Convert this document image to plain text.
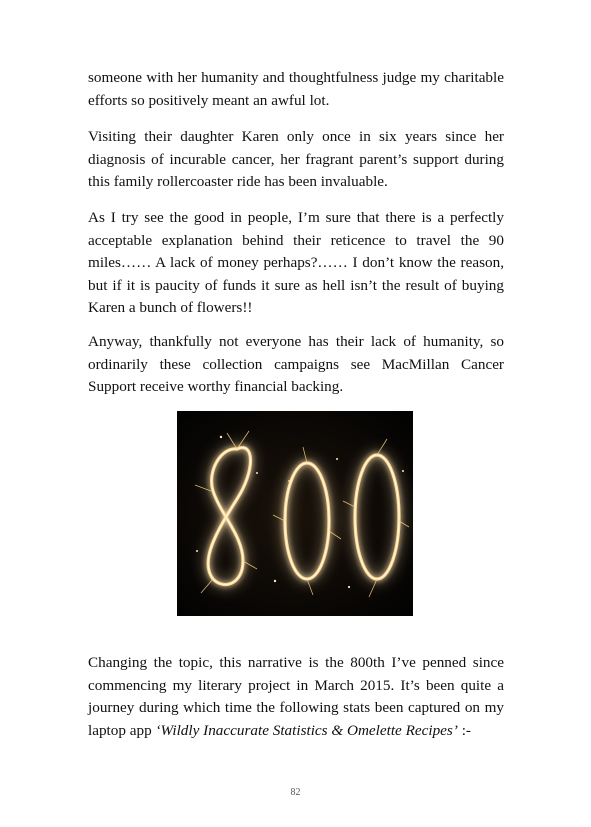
someone with her humanity and thoughtfulness judge my charitable efforts so positively meant an awful lot.

Visiting their daughter Karen only once in six years since her diagnosis of incurable cancer, her fragrant parent’s support during this family rollercoaster ride has been invaluable.

As I try see the good in people, I’m sure that there is a perfectly acceptable explanation behind their reticence to travel the 90 miles…… A lack of money perhaps?…… I don’t know the reason, but if it is paucity of funds it sure as hell isn’t the result of buying Karen a bunch of flowers!!

Anyway, thankfully not everyone has their lack of humanity, so ordinarily these collection campaigns see MacMillan Cancer Support receive worthy financial backing.

Changing the topic, this narrative is the 800th I’ve penned since commencing my literary project in March 2015. It’s been quite a journey during which time the following stats been captured on my laptop app ‘Wildly Inaccurate Statistics & Omelette Recipes’ :-

82
